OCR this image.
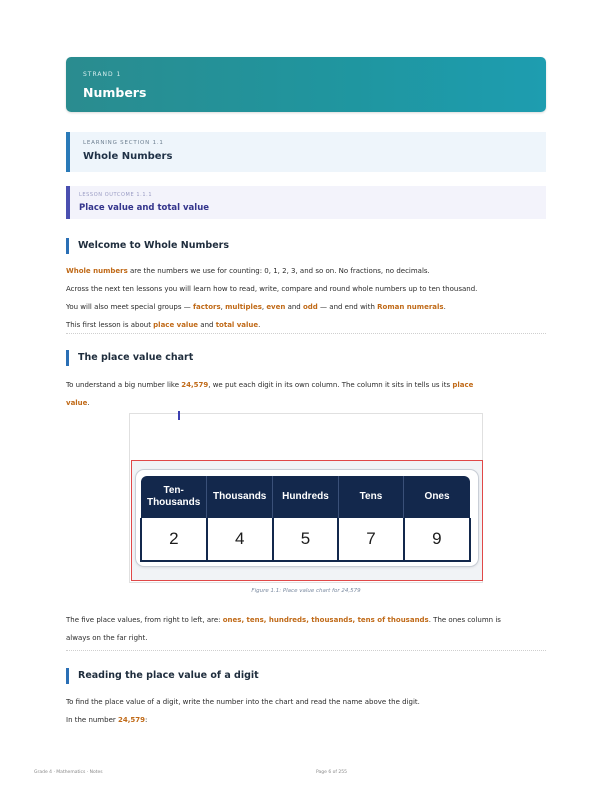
STRAND 1
Numbers
LEARNING SECTION 1.1
Whole Numbers
LESSON OUTCOME 1.1.1
Place value and total value
Welcome to Whole Numbers

Whole numbers are the numbers we use for counting: 0, 1, 2, 3, and so on. No fractions, no decimals.

Across the next ten lessons you will learn how to read, write, compare and round whole numbers up to ten thousand.

You will also meet special groups — factors, multiples, even and odd — and end with Roman numerals.

This first lesson is about place value and total value.

The place value chart

To understand a big number like 24,579, we put each digit in its own column. The column it sits in tells us its place

value.

Ten-
Thousands	Thousands	Hundreds	Tens	Ones
2	4	5	7	9
Figure 1.1: Place value chart for 24,579

The five place values, from right to left, are: ones, tens, hundreds, thousands, tens of thousands. The ones column is

always on the far right.

Reading the place value of a digit

To find the place value of a digit, write the number into the chart and read the name above the digit.

In the number 24,579:

Grade 4 · Mathematics · Notes	Page 6 of 255
